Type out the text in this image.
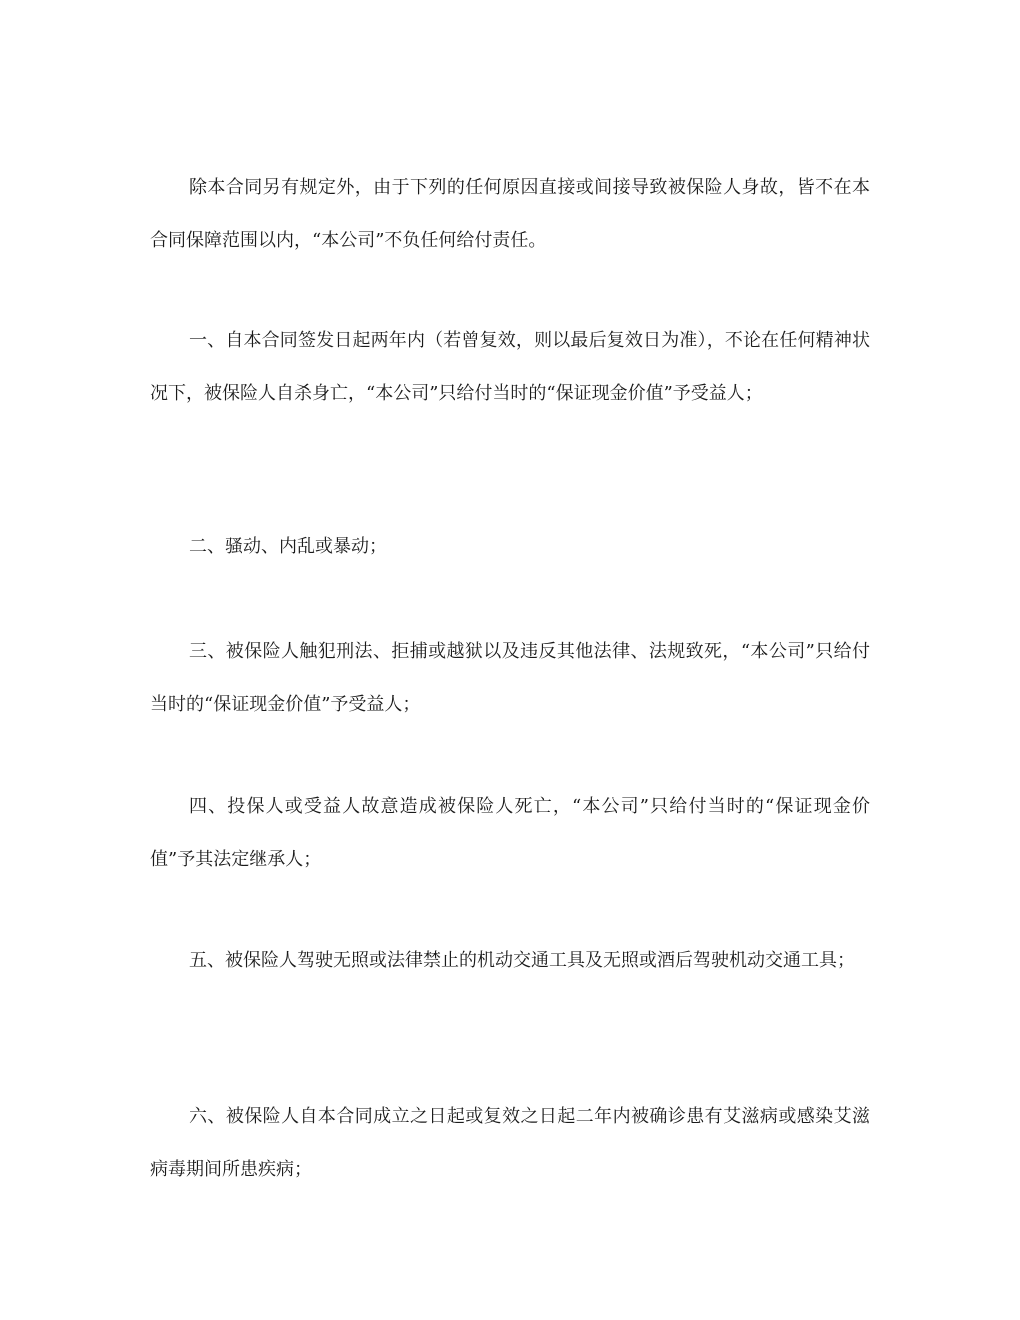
除本合同另有规定外，由于下列的任何原因直接或间接导致被保险人身故，皆不在本合同保障范围以内，“本公司”不负任何给付责任。

一、自本合同签发日起两年内（若曾复效，则以最后复效日为准），不论在任何精神状况下，被保险人自杀身亡，“本公司”只给付当时的“保证现金价值”予受益人；

二、骚动、内乱或暴动；

三、被保险人触犯刑法、拒捕或越狱以及违反其他法律、法规致死，“本公司”只给付当时的“保证现金价值”予受益人；

四、投保人或受益人故意造成被保险人死亡，“本公司”只给付当时的“保证现金价值”予其法定继承人；

五、被保险人驾驶无照或法律禁止的机动交通工具及无照或酒后驾驶机动交通工具；

六、被保险人自本合同成立之日起或复效之日起二年内被确诊患有艾滋病或感染艾滋病毒期间所患疾病；
